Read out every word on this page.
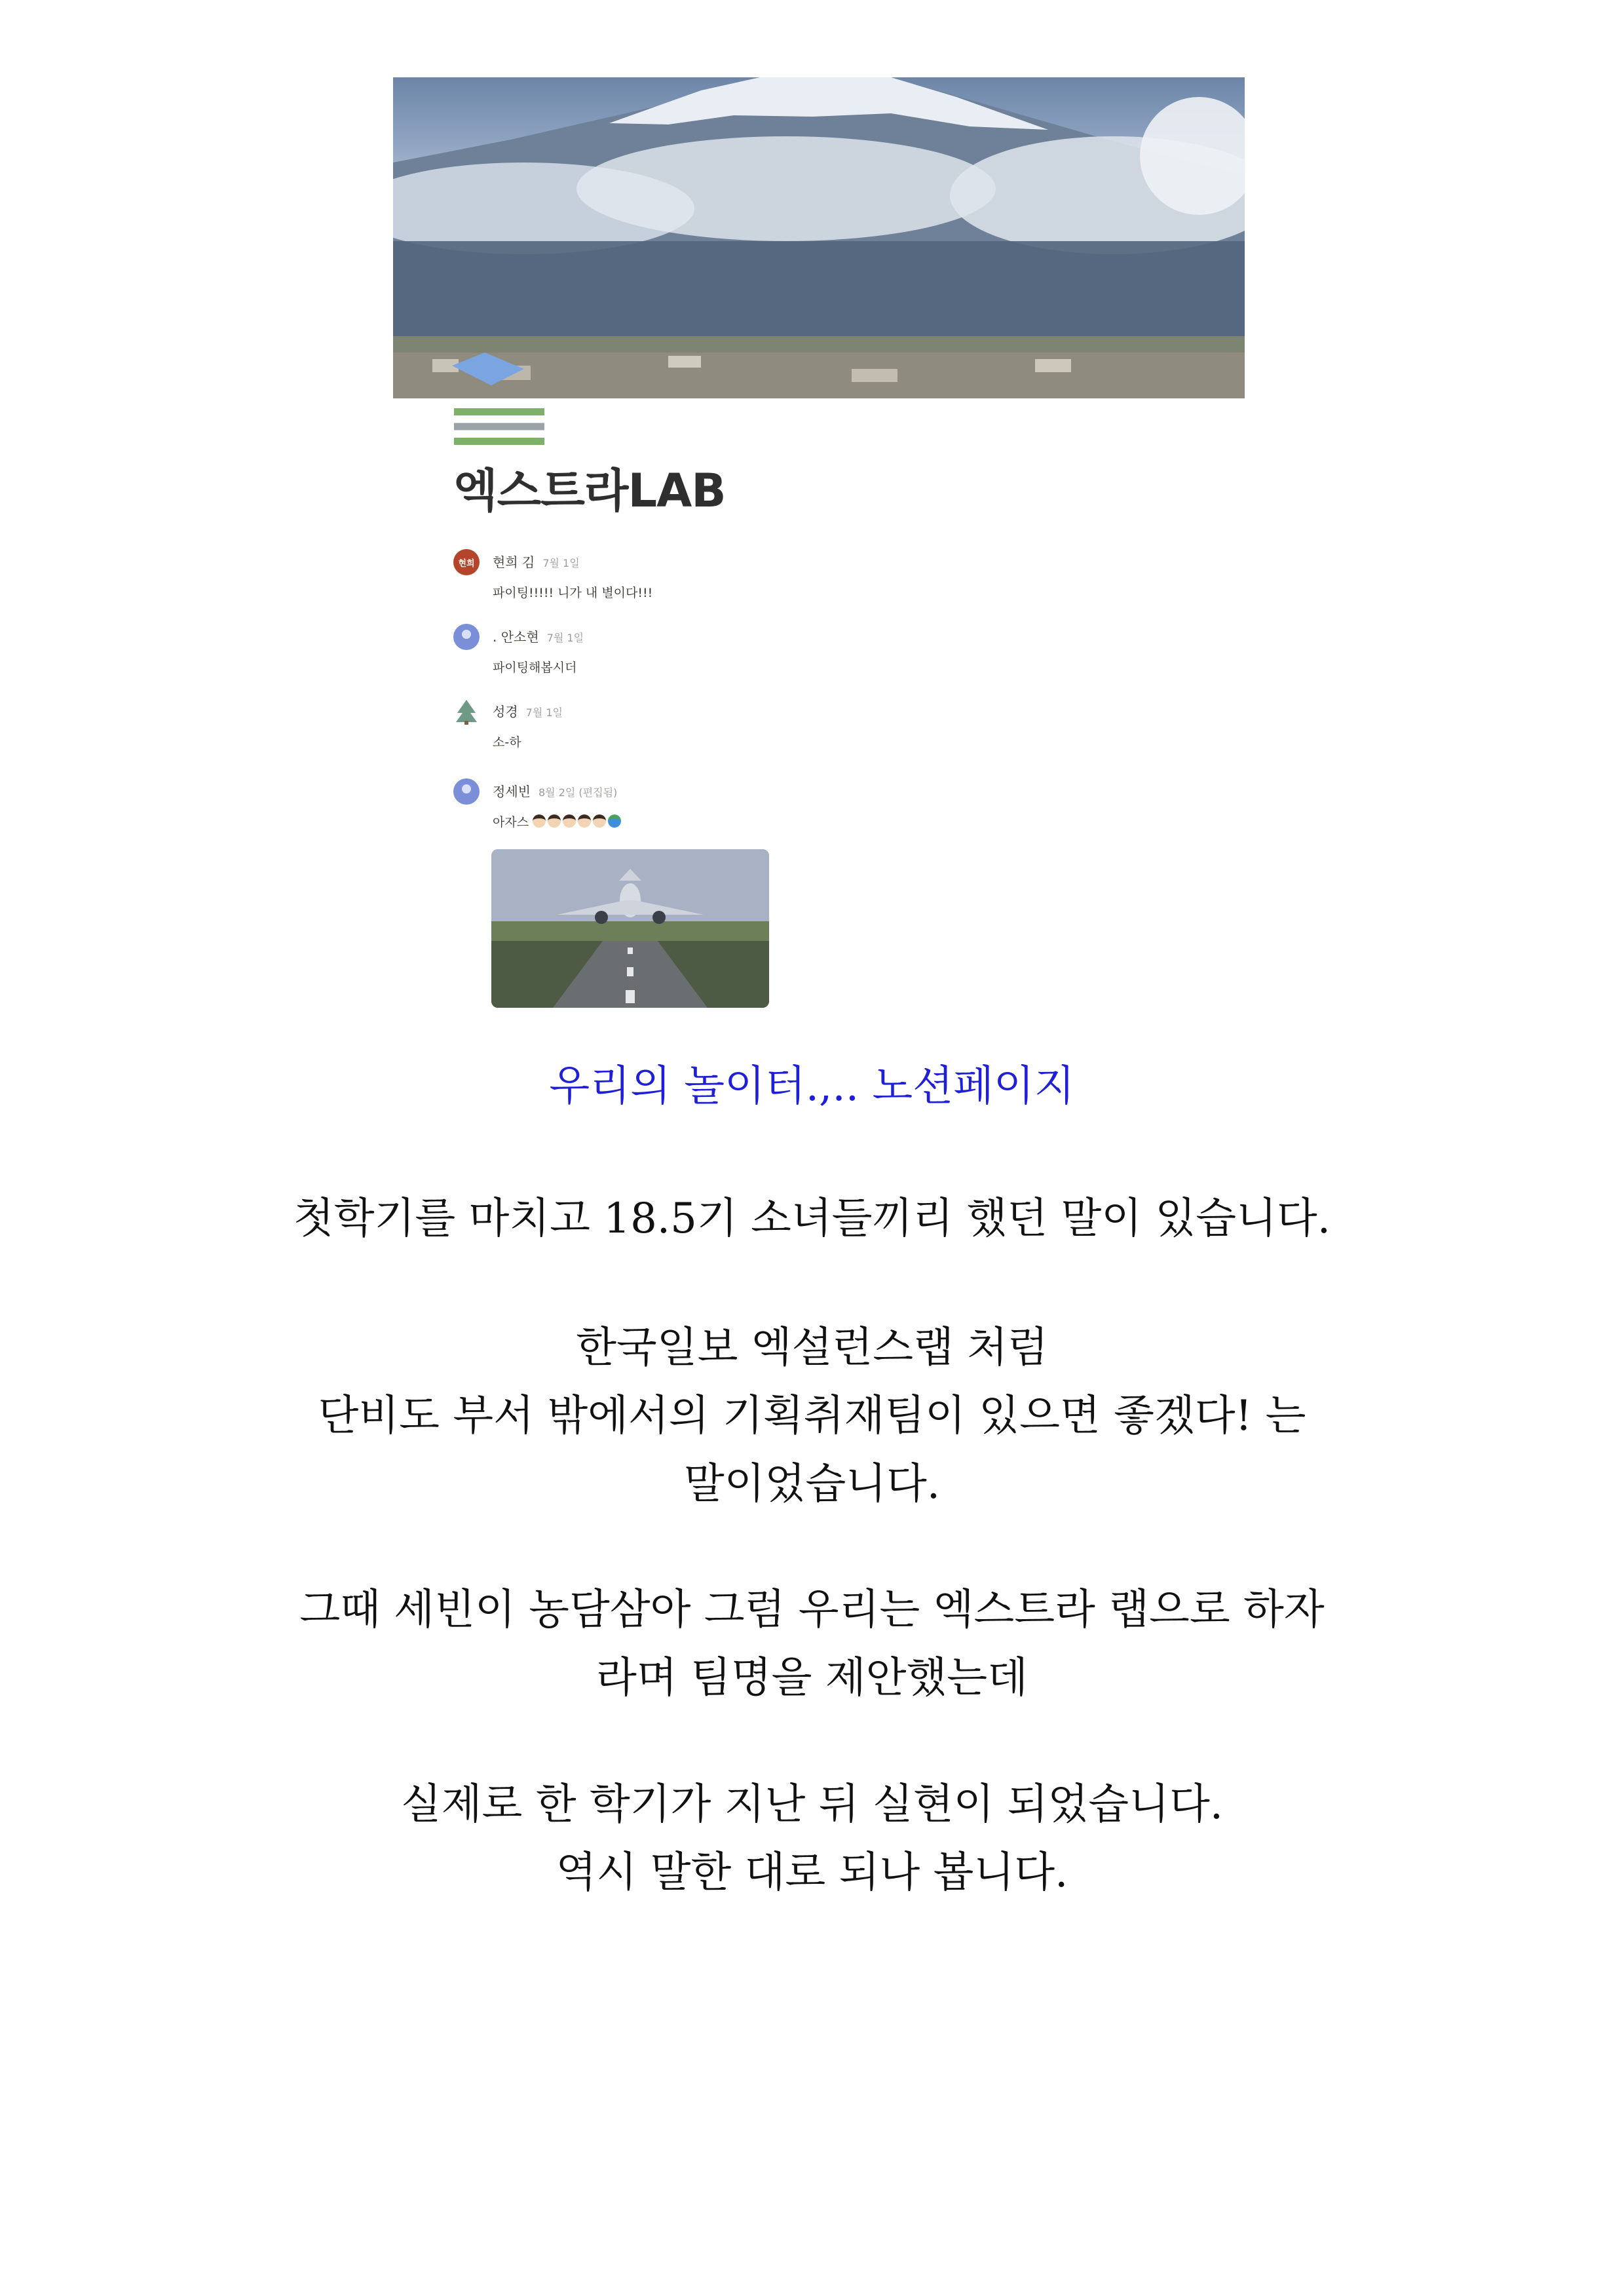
엑스트라LAB
현희	현희 김 7월 1일
파이팅!!!!! 니가 내 별이다!!!
. 안소현 7월 1일
파이팅해봅시더
성경 7월 1일
소-하
정세빈 8월 2일 (편집됨)
아자스
우리의 놀이터.,.. 노션페이지
첫학기를 마치고 18.5기 소녀들끼리 했던 말이 있습니다.
한국일보 엑설런스랩 처럼
단비도 부서 밖에서의 기획취재팀이 있으면 좋겠다! 는
말이었습니다.
그때 세빈이 농담삼아 그럼 우리는 엑스트라 랩으로 하자
라며 팀명을 제안했는데
실제로 한 학기가 지난 뒤 실현이 되었습니다.
역시 말한 대로 되나 봅니다.
